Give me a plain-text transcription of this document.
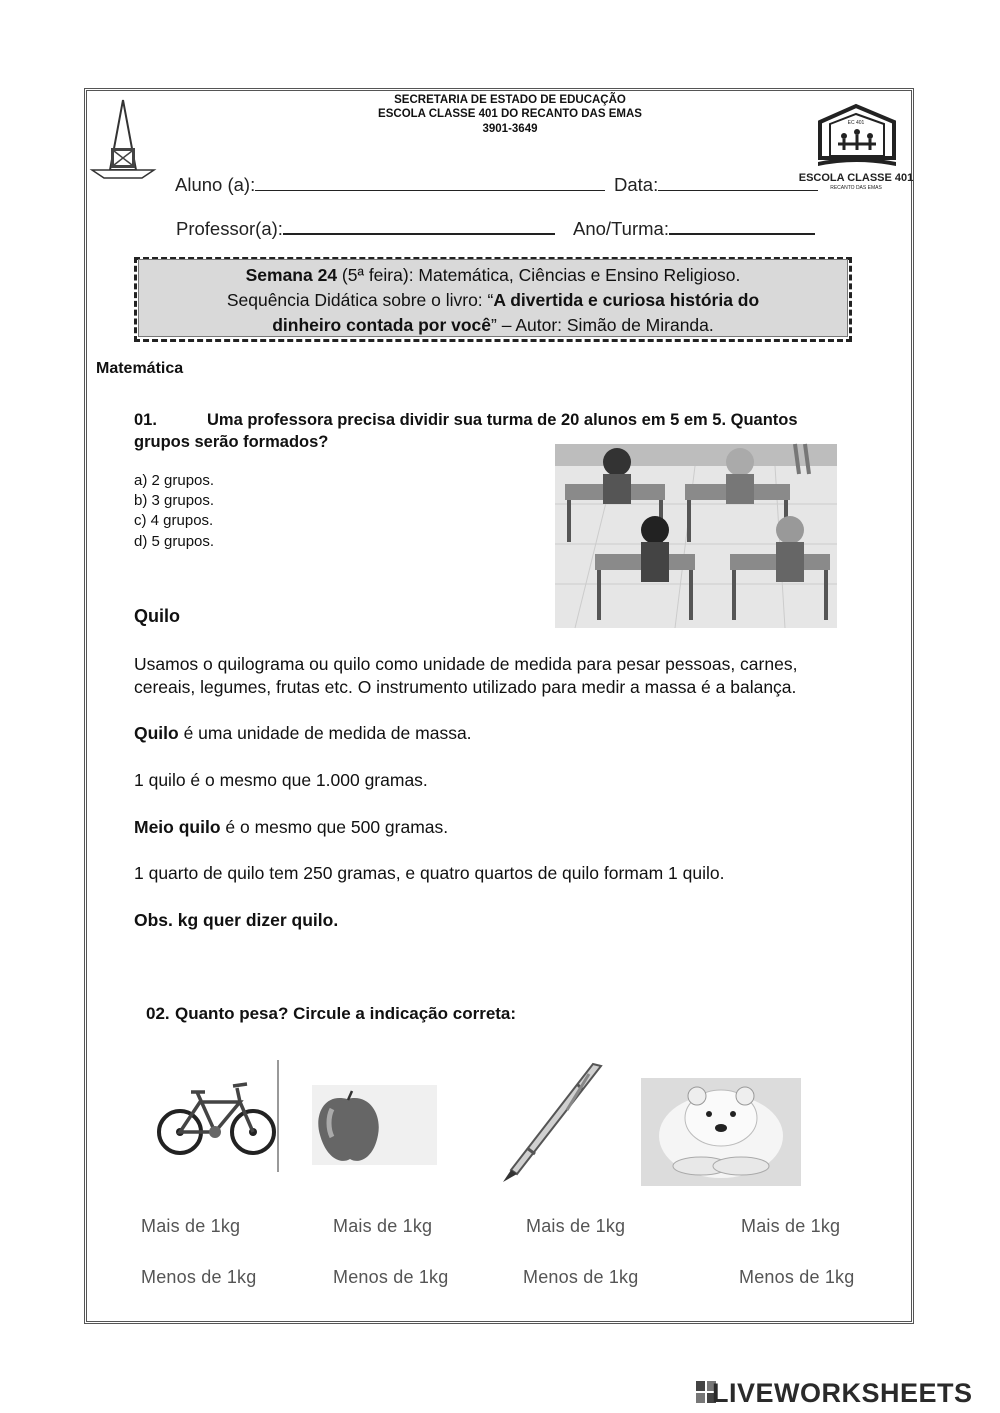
SECRETARIA DE ESTADO DE EDUCAÇÃO
ESCOLA CLASSE 401 DO RECANTO DAS EMAS
3901-3649
ESCOLA CLASSE 401
RECANTO DAS EMAS
EC 401
Aluno (a):	Data:
Professor(a):	Ano/Turma:
Semana 24 (5ª feira): Matemática, Ciências e Ensino Religioso.
Sequência Didática sobre o livro: “A divertida e curiosa história do
dinheiro contada por você” – Autor: Simão de Miranda.
Matemática
01.	Uma professora precisa dividir sua turma de 20 alunos em 5 em 5. Quantos
grupos serão formados?
a) 2 grupos.
b) 3 grupos.
c) 4 grupos.
d) 5 grupos.
Quilo
Usamos o quilograma ou quilo como unidade de medida para pesar pessoas, carnes,
cereais, legumes, frutas etc. O instrumento utilizado para medir a massa é a balança.
Quilo é uma unidade de medida de massa.
1 quilo é o mesmo que 1.000 gramas.
Meio quilo é o mesmo que 500 gramas.
1 quarto de quilo tem 250 gramas, e quatro quartos de quilo formam 1 quilo.
Obs. kg quer dizer quilo.
02. Quanto pesa? Circule a indicação correta:
Mais de 1kg
Menos de 1kg
Mais de 1kg
Menos de 1kg
Mais de 1kg
Menos de 1kg
Mais de 1kg
Menos de 1kg
LIVEWORKSHEETS
